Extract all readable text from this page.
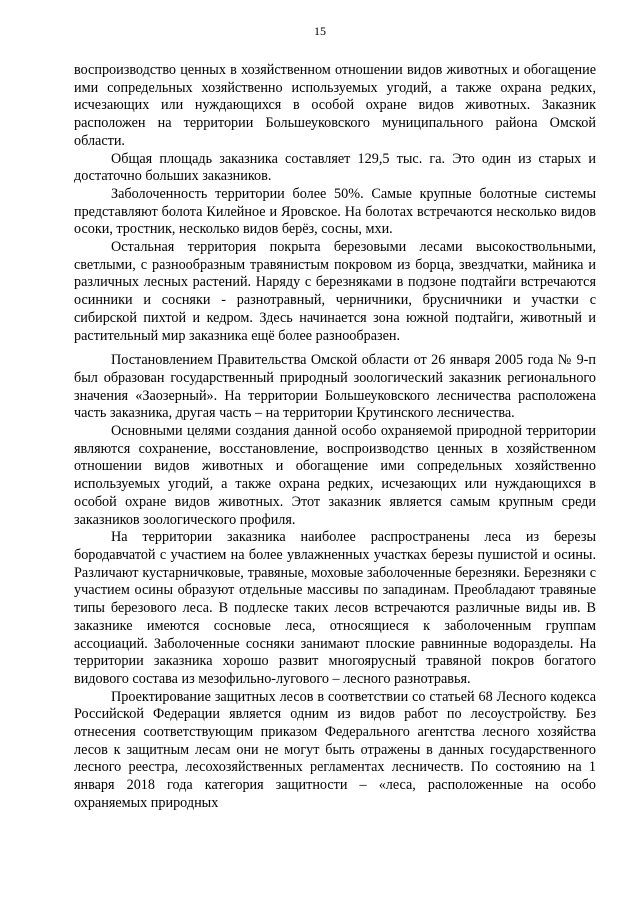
15

воспроизводство ценных в хозяйственном отношении видов животных и обогащение ими сопредельных хозяйственно используемых угодий, а также охрана редких, исчезающих или нуждающихся в особой охране видов животных. Заказник расположен на территории Большеуковского муниципального района Омской области.

Общая площадь заказника составляет 129,5 тыс. га. Это один из старых и достаточно больших заказников.

Заболоченность территории более 50%. Самые крупные болотные системы представляют болота Килейное и Яровское. На болотах встречаются несколько видов осоки, тростник, несколько видов берёз, сосны, мхи.

Остальная территория покрыта березовыми лесами высокоствольными, светлыми, с разнообразным травянистым покровом из борца, звездчатки, майника и различных лесных растений. Наряду с березняками в подзоне подтайги встречаются осинники и сосняки - разнотравный, черничники, брусничники и участки с сибирской пихтой и кедром. Здесь начинается зона южной подтайги, животный и растительный мир заказника ещё более разнообразен.

Постановлением Правительства Омской области от 26 января 2005 года № 9-п был образован государственный природный зоологический заказник регионального значения «Заозерный». На территории Большеуковского лесничества расположена часть заказника, другая часть – на территории Крутинского лесничества.

Основными целями создания данной особо охраняемой природной территории являются сохранение, восстановление, воспроизводство ценных в хозяйственном отношении видов животных и обогащение ими сопредельных хозяйственно используемых угодий, а также охрана редких, исчезающих или нуждающихся в особой охране видов животных. Этот заказник является самым крупным среди заказников зоологического профиля.

На территории заказника наиболее распространены леса из березы бородавчатой с участием на более увлажненных участках березы пушистой и осины. Различают кустарничковые, травяные, моховые заболоченные березняки. Березняки с участием осины образуют отдельные массивы по западинам. Преобладают травяные типы березового леса. В подлеске таких лесов встречаются различные виды ив. В заказнике имеются сосновые леса, относящиеся к заболоченным группам ассоциаций. Заболоченные сосняки занимают плоские равнинные водоразделы. На территории заказника хорошо развит многоярусный травяной покров богатого видового состава из мезофильно-лугового – лесного разнотравья.

Проектирование защитных лесов в соответствии со статьей 68 Лесного кодекса Российской Федерации является одним из видов работ по лесоустройству. Без отнесения соответствующим приказом Федерального агентства лесного хозяйства лесов к защитным лесам они не могут быть отражены в данных государственного лесного реестра, лесохозяйственных регламентах лесничеств. По состоянию на 1 января 2018 года категория защитности – «леса, расположенные на особо охраняемых природных
